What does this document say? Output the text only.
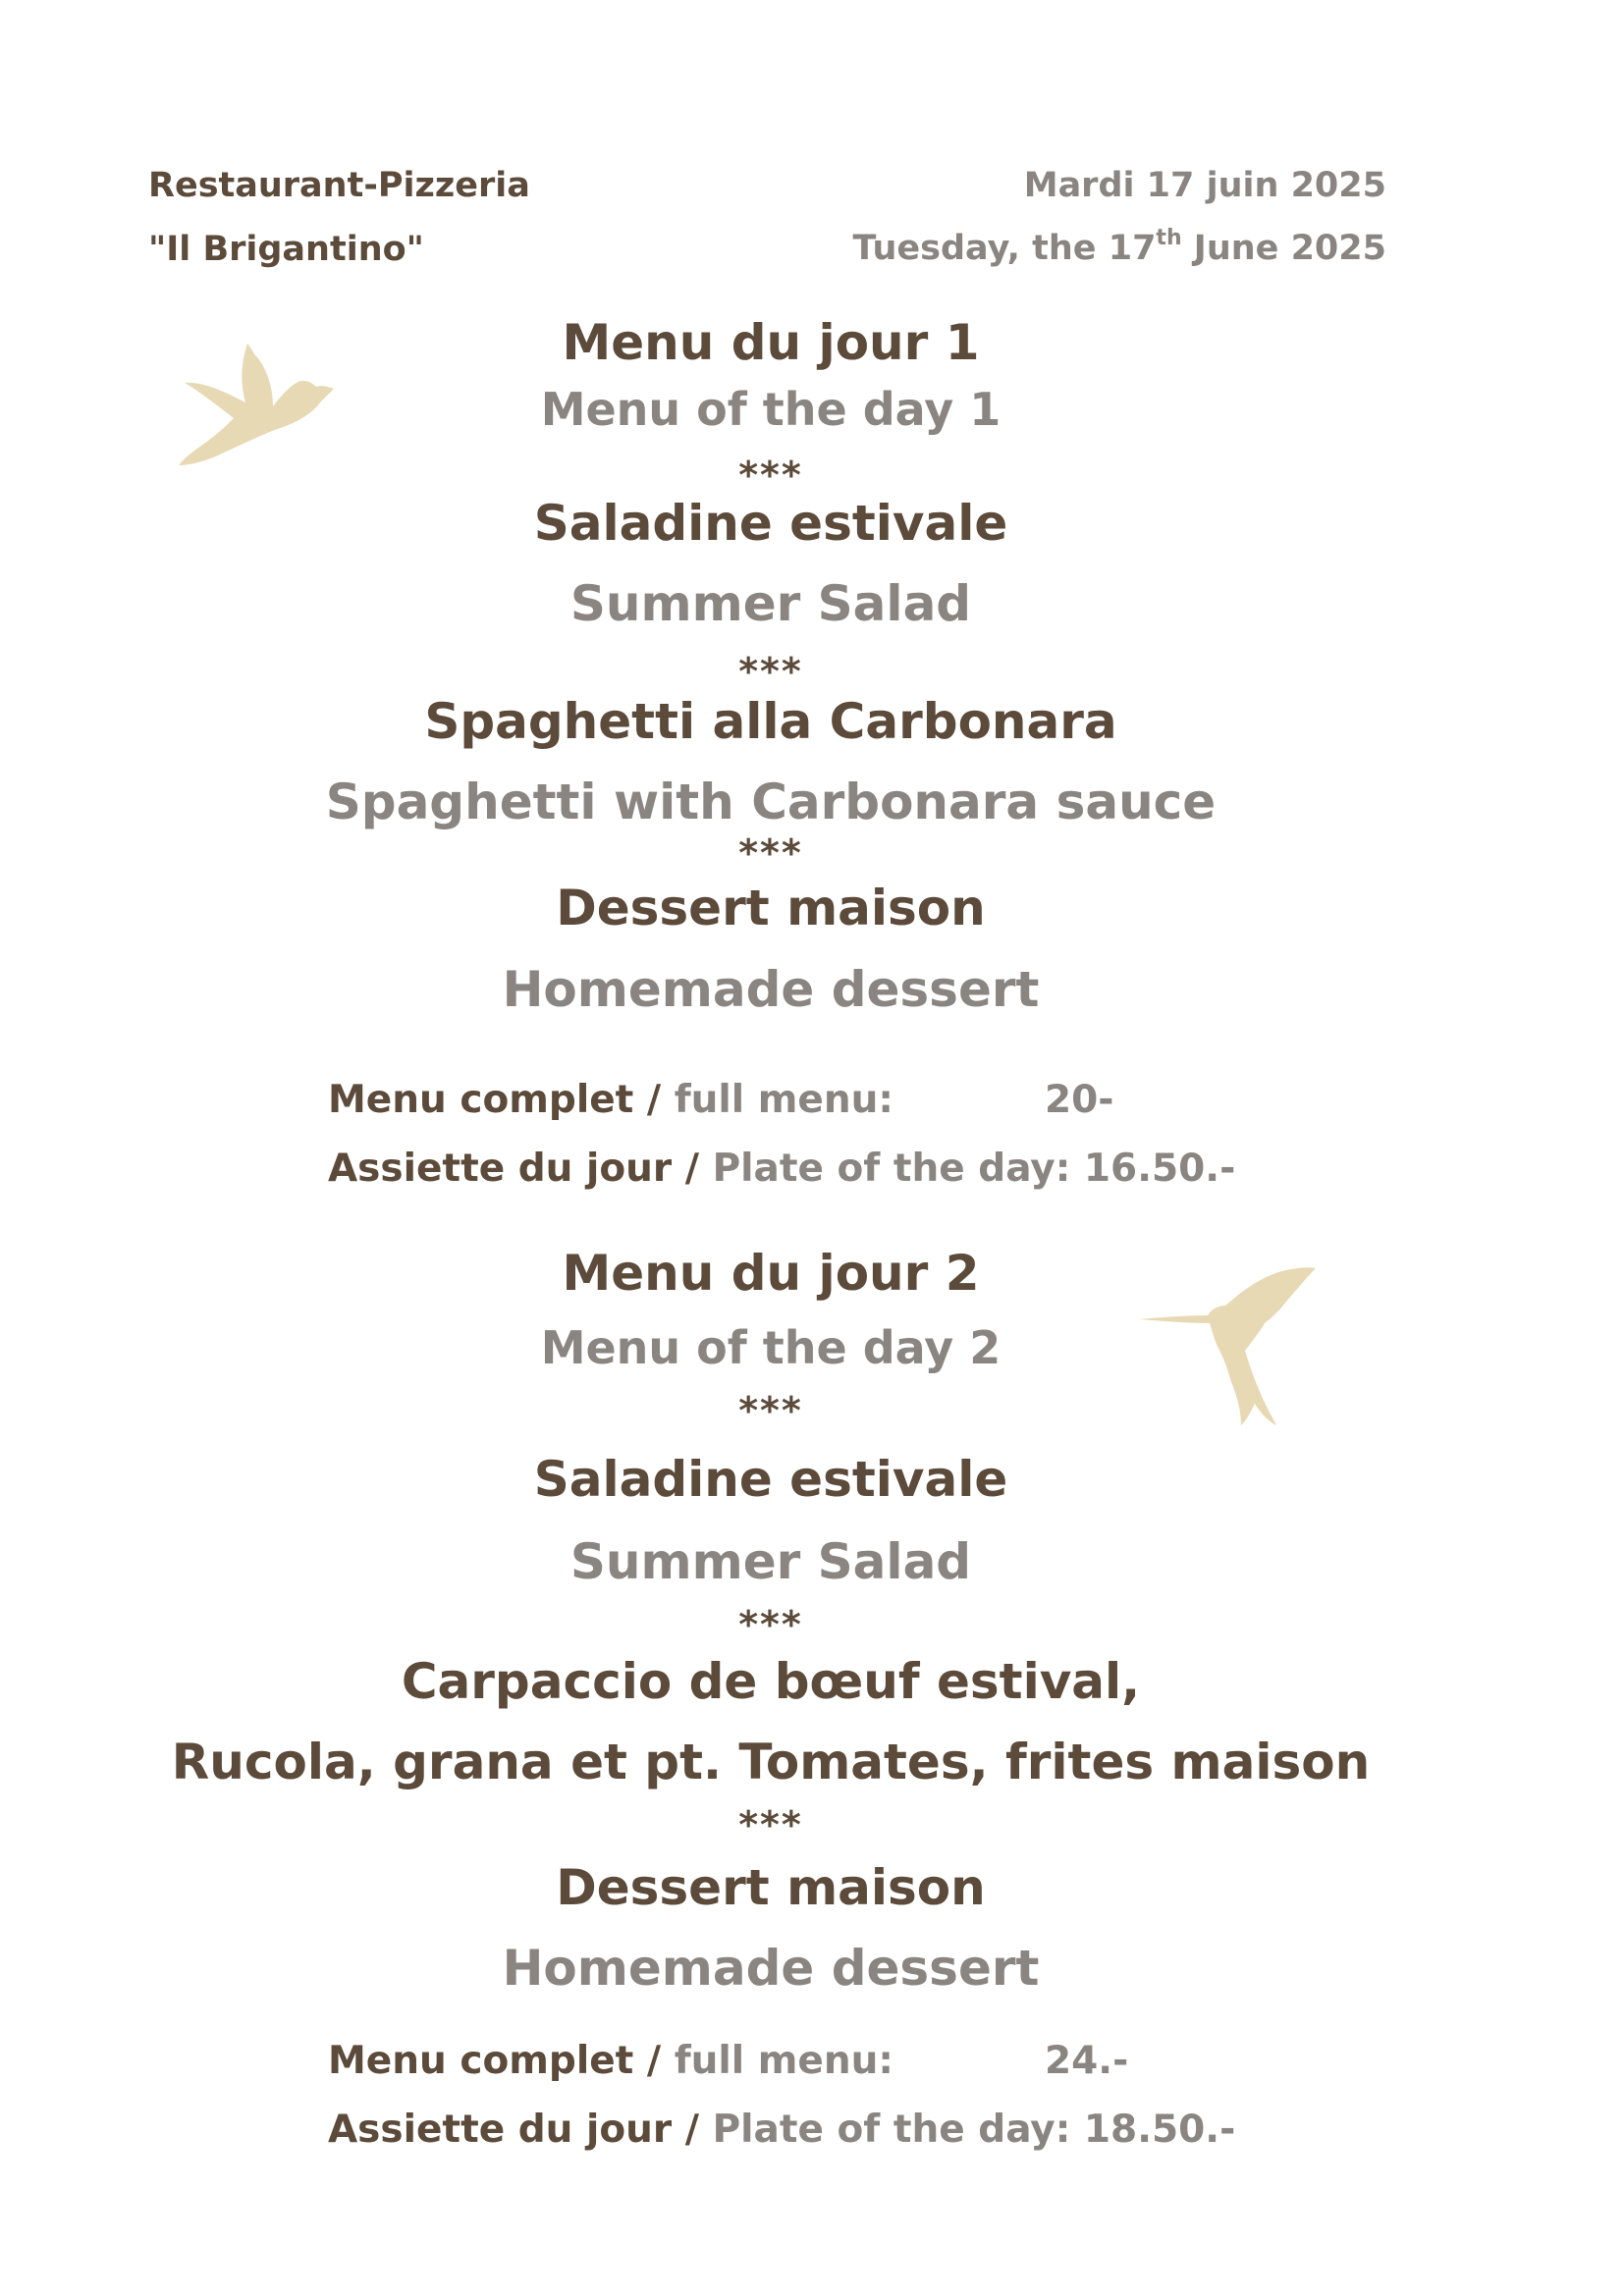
Restaurant-Pizzeria
"Il Brigantino"
Mardi 17 juin 2025
Tuesday, the 17th June 2025
Menu du jour 1
Menu of the day 1
***
Saladine estivale
Summer Salad
***
Spaghetti alla Carbonara
Spaghetti with Carbonara sauce
***
Dessert maison
Homemade dessert
Menu complet / full menu:	20-
Assiette du jour / Plate of the day: 16.50.-
Menu du jour 2
Menu of the day 2
***
Saladine estivale
Summer Salad
***
Carpaccio de bœuf estival,
Rucola, grana et pt. Tomates, frites maison
***
Dessert maison
Homemade dessert
Menu complet / full menu:	24.-
Assiette du jour / Plate of the day: 18.50.-
